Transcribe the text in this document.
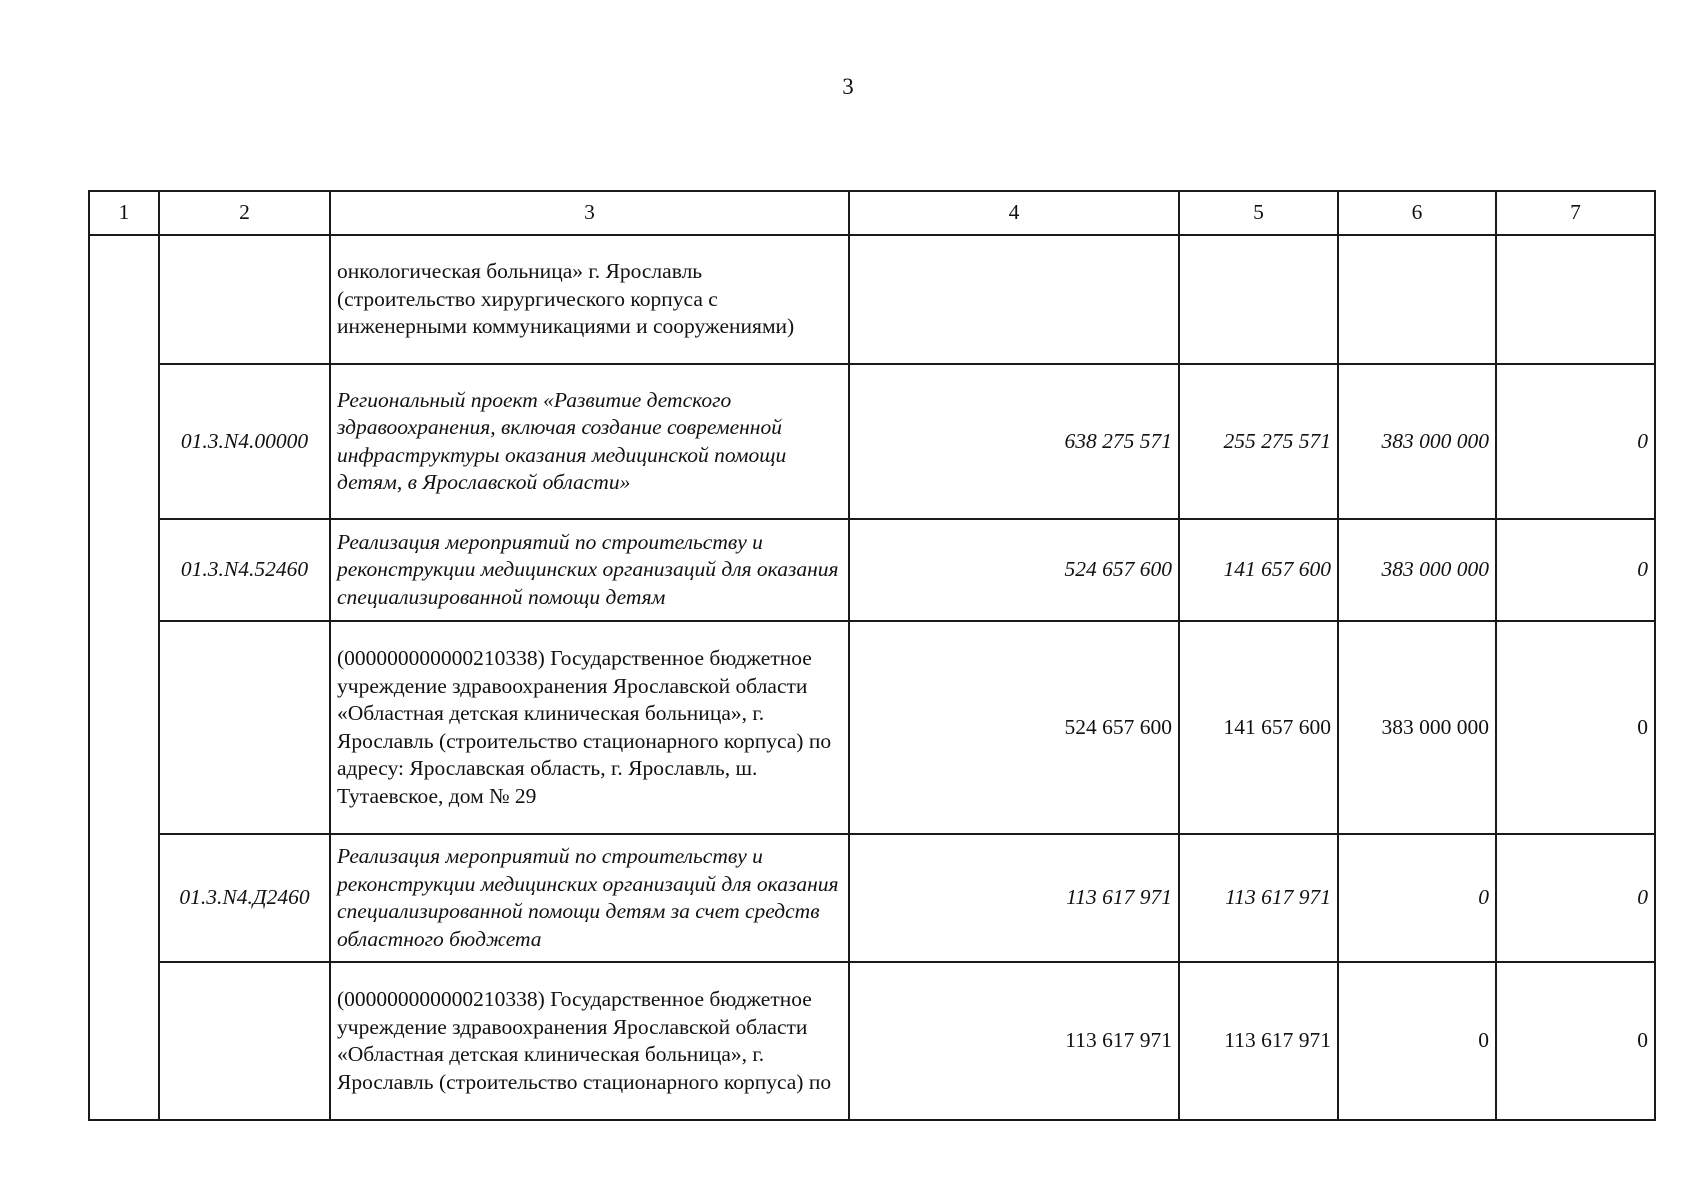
3
1	2	3	4	5	6	7
		онкологическая больница» г. Ярославль (строительство хирургического корпуса с инженерными коммуникациями и сооружениями)				
	01.3.N4.00000	Региональный проект «Развитие детского здравоохранения, включая создание современной инфраструктуры оказания медицинской помощи детям, в Ярославской области»	638 275 571	255 275 571	383 000 000	0
	01.3.N4.52460	Реализация мероприятий по строительству и реконструкции медицинских организаций для оказания специализированной помощи детям	524 657 600	141 657 600	383 000 000	0
		(000000000000210338) Государственное бюджетное учреждение здравоохранения Ярославской области «Областная детская клиническая больница», г. Ярославль (строительство стационарного корпуса) по адресу: Ярославская область, г. Ярославль, ш. Тутаевское, дом № 29	524 657 600	141 657 600	383 000 000	0
	01.3.N4.Д2460	Реализация мероприятий по строительству и реконструкции медицинских организаций для оказания специализированной помощи детям за счет средств областного бюджета	113 617 971	113 617 971	0	0
		(000000000000210338) Государственное бюджетное учреждение здравоохранения Ярославской области «Областная детская клиническая больница», г. Ярославль (строительство стационарного корпуса) по	113 617 971	113 617 971	0	0
